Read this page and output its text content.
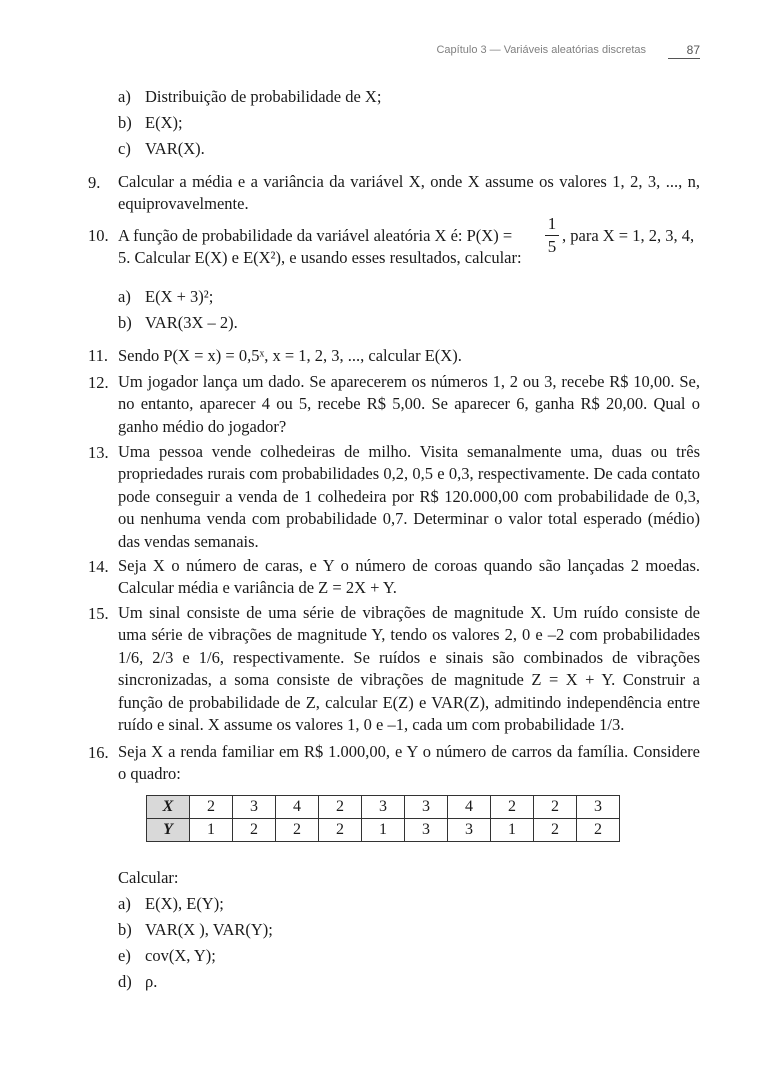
Capítulo 3 — Variáveis aleatórias discretas	87
a) Distribuição de probabilidade de X;
b) E(X);
c) VAR(X).
9.	Calcular a média e a variância da variável X, onde X assume os valores 1, 2, 3, ..., n, equiprovavelmente.
10. A função de probabilidade da variável aleatória X é: P(X) =
1
5
, para X = 1, 2, 3, 4,
5. Calcular E(X) e E(X²), e usando esses resultados, calcular:
a) E(X + 3)²;
b) VAR(3X – 2).
11. Sendo P(X = x) = 0,5ˣ, x = 1, 2, 3, ..., calcular E(X).
12. Um jogador lança um dado. Se aparecerem os números 1, 2 ou 3, recebe R$ 10,00. Se, no entanto, aparecer 4 ou 5, recebe R$ 5,00. Se aparecer 6, ganha R$ 20,00. Qual o ganho médio do jogador?
13. Uma pessoa vende colhedeiras de milho. Visita semanalmente uma, duas ou três propriedades rurais com probabilidades 0,2, 0,5 e 0,3, respectivamente. De cada contato pode conseguir a venda de 1 colhedeira por R$ 120.000,00 com probabilidade de 0,3, ou nenhuma venda com probabilidade 0,7. Determinar o valor total esperado (médio) das vendas semanais.
14. Seja X o número de caras, e Y o número de coroas quando são lançadas 2 moedas. Calcular média e variância de Z = 2X + Y.
15. Um sinal consiste de uma série de vibrações de magnitude X. Um ruído consiste de uma série de vibrações de magnitude Y, tendo os valores 2, 0 e –2 com probabilidades 1/6, 2/3 e 1/6, respectivamente. Se ruídos e sinais são combinados de vibrações sincronizadas, a soma consiste de vibrações de magnitude Z = X + Y. Construir a função de probabilidade de Z, calcular E(Z) e VAR(Z), admitindo independência entre ruído e sinal. X assume os valores 1, 0 e –1, cada um com probabilidade 1/3.
16. Seja X a renda familiar em R$ 1.000,00, e Y o número de carros da família. Considere o quadro:
X	2	3	4	2	3	3	4	2	2	3
Y	1	2	2	2	1	3	3	1	2	2
Calcular:
a) E(X), E(Y);
b) VAR(X ), VAR(Y);
e) cov(X, Y);
d) ρ.
